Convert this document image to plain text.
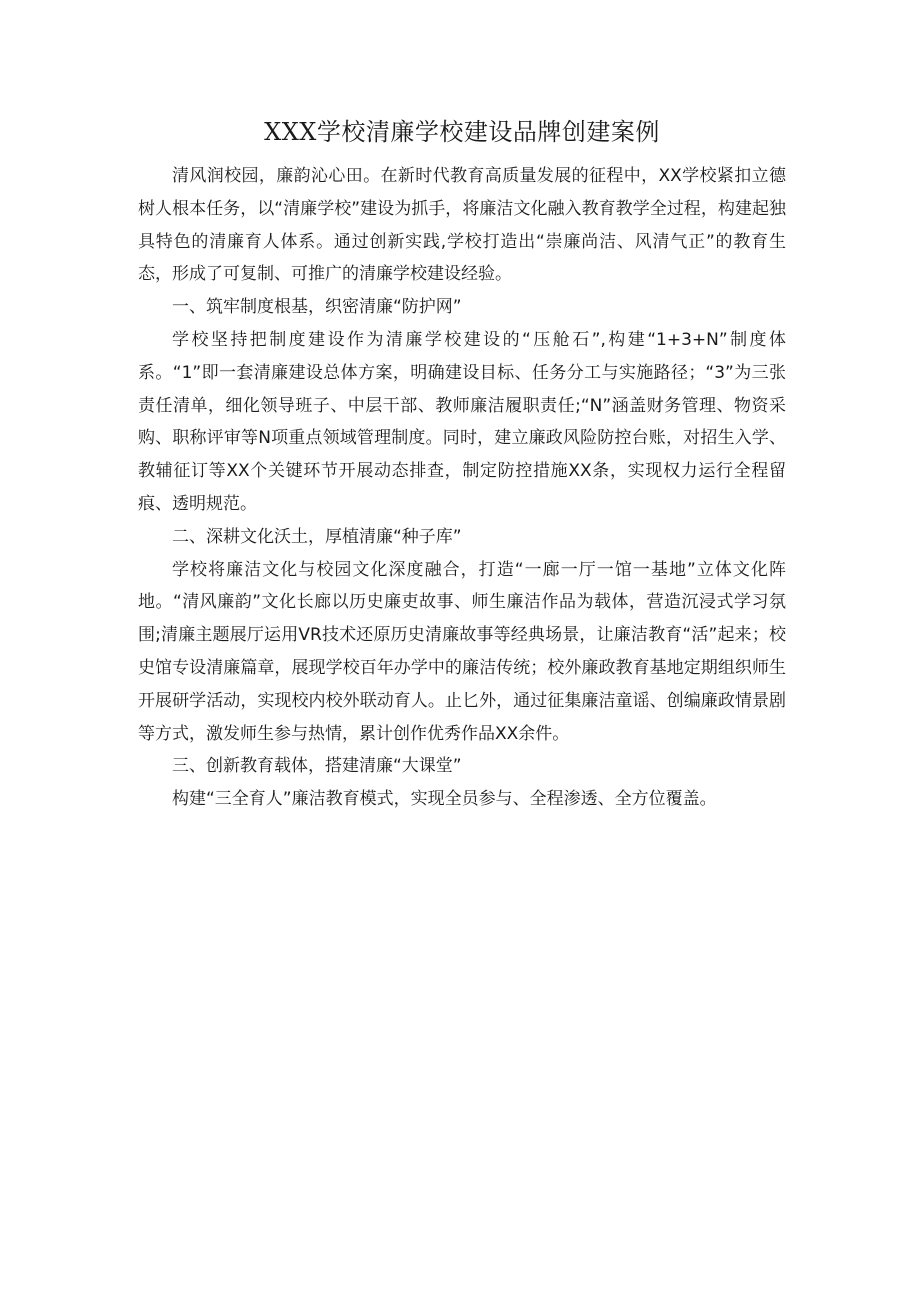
XXX学校清廉学校建设品牌创建案例

清风润校园，廉韵沁心田。在新时代教育高质量发展的征程中，XX学校紧扣立德树人根本任务，以“清廉学校”建设为抓手，将廉洁文化融入教育教学全过程，构建起独具特色的清廉育人体系。通过创新实践,学校打造出“崇廉尚洁、风清气正”的教育生态，形成了可复制、可推广的清廉学校建设经验。

一、筑牢制度根基，织密清廉“防护网”

学校坚持把制度建设作为清廉学校建设的“压舱石”,构建“1+3+N”制度体系。“1”即一套清廉建设总体方案，明确建设目标、任务分工与实施路径；“3”为三张责任清单，细化领导班子、中层干部、教师廉洁履职责任;“N”涵盖财务管理、物资采购、职称评审等N项重点领域管理制度。同时，建立廉政风险防控台账，对招生入学、教辅征订等XX个关键环节开展动态排查，制定防控措施XX条，实现权力运行全程留痕、透明规范。

二、深耕文化沃土，厚植清廉“种子库”

学校将廉洁文化与校园文化深度融合，打造“一廊一厅一馆一基地”立体文化阵地。“清风廉韵”文化长廊以历史廉吏故事、师生廉洁作品为载体，营造沉浸式学习氛围;清廉主题展厅运用VR技术还原历史清廉故事等经典场景，让廉洁教育“活”起来；校史馆专设清廉篇章，展现学校百年办学中的廉洁传统；校外廉政教育基地定期组织师生开展研学活动，实现校内校外联动育人。止匕外，通过征集廉洁童谣、创编廉政情景剧等方式，激发师生参与热情，累计创作优秀作品XX余件。

三、创新教育载体，搭建清廉“大课堂”

构建“三全育人”廉洁教育模式，实现全员参与、全程渗透、全方位覆盖。
